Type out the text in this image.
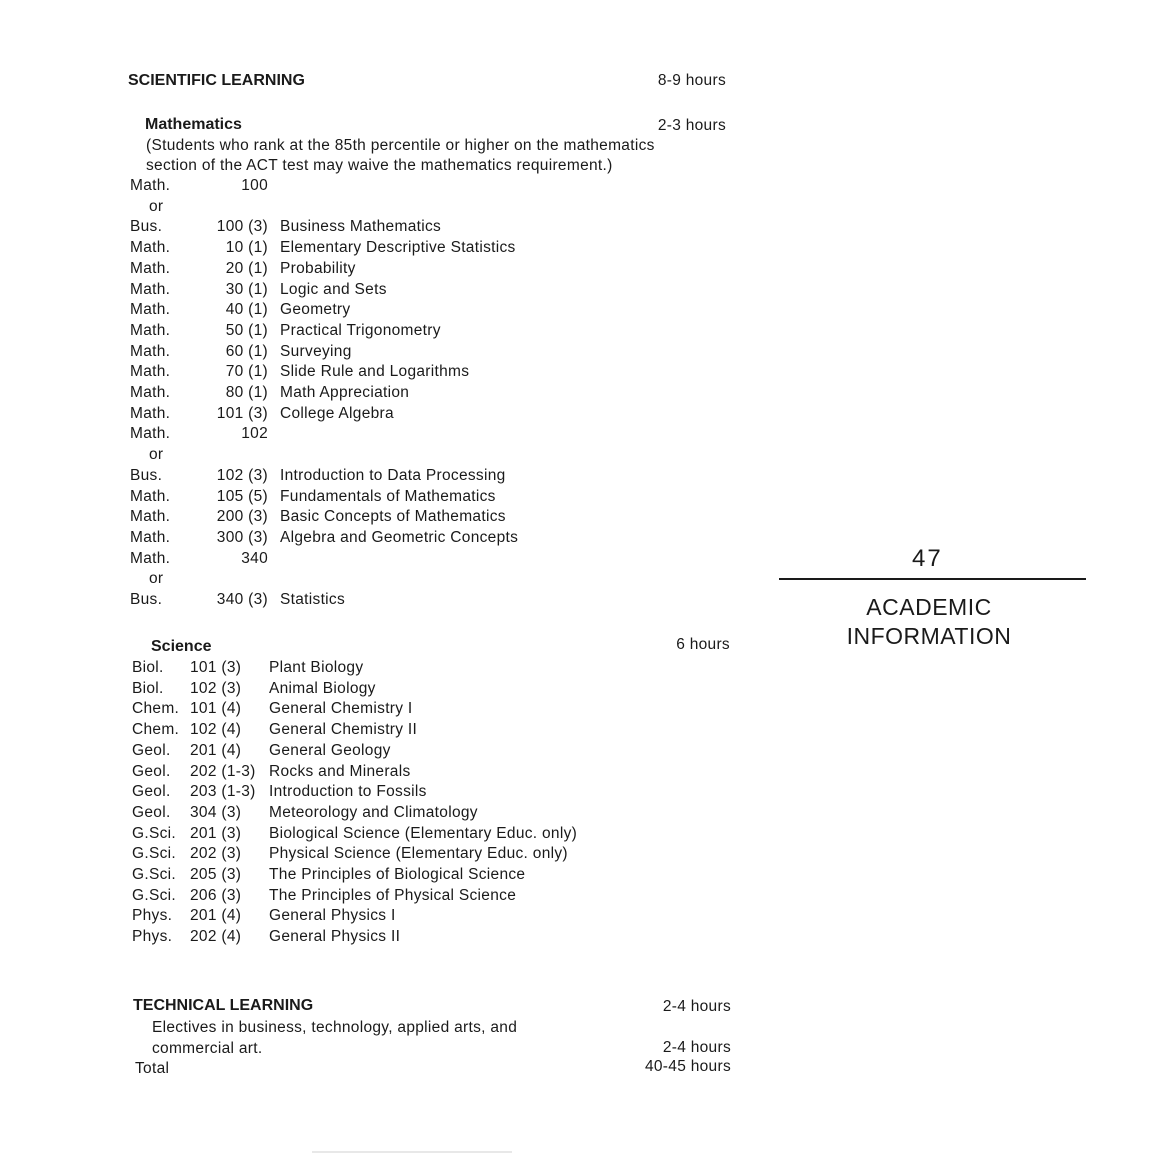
SCIENTIFIC LEARNING	8-9 hours
Mathematics	2-3 hours
(Students who rank at the 85th percentile or higher on the mathematics
section of the ACT test may waive the mathematics requirement.)
Math.	100
or
Bus.	100 (3) Business Mathematics
Math.	10 (1) Elementary Descriptive Statistics
Math.	20 (1) Probability
Math.	30 (1) Logic and Sets
Math.	40 (1) Geometry
Math.	50 (1) Practical Trigonometry
Math.	60 (1) Surveying
Math.	70 (1) Slide Rule and Logarithms
Math.	80 (1) Math Appreciation
Math.	101 (3) College Algebra
Math.	102
or
Bus.	102 (3) Introduction to Data Processing
Math.	105 (5) Fundamentals of Mathematics
Math.	200 (3) Basic Concepts of Mathematics
Math.	300 (3) Algebra and Geometric Concepts
Math.	340
or
Bus.	340 (3) Statistics
Science	6 hours
Biol. 101 (3) Plant Biology
Biol. 102 (3) Animal Biology
Chem. 101 (4) General Chemistry I
Chem. 102 (4) General Chemistry II
Geol. 201 (4) General Geology
Geol. 202 (1-3) Rocks and Minerals
Geol. 203 (1-3) Introduction to Fossils
Geol. 304 (3) Meteorology and Climatology
G.Sci. 201 (3) Biological Science (Elementary Educ. only)
G.Sci. 202 (3) Physical Science (Elementary Educ. only)
G.Sci. 205 (3) The Principles of Biological Science
G.Sci. 206 (3) The Principles of Physical Science
Phys. 201 (4) General Physics I
Phys. 202 (4) General Physics II
TECHNICAL LEARNING	2-4 hours
Electives in business, technology, applied arts, and
commercial art.	2-4 hours
Total	40-45 hours
47
ACADEMIC
INFORMATION
